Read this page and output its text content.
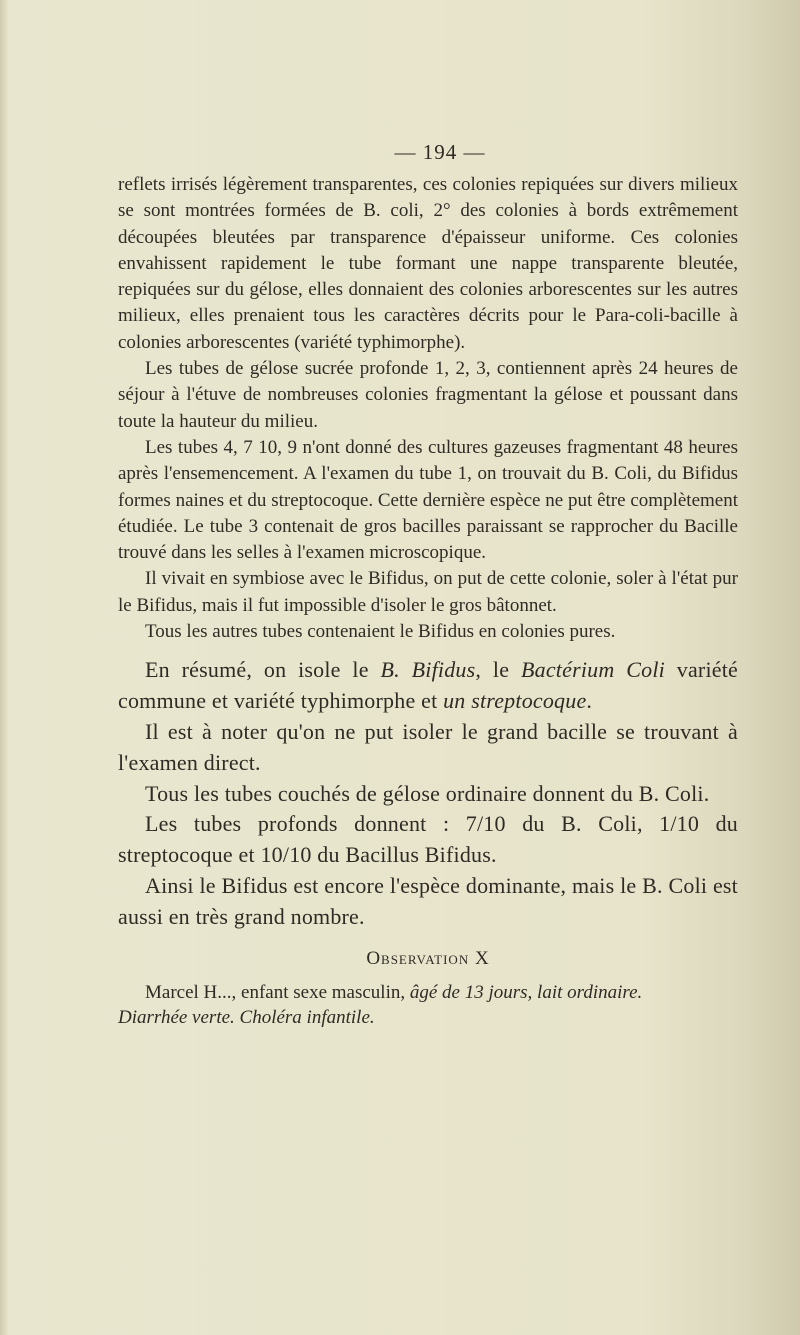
— 194 —

reflets irrisés légèrement transparentes, ces colonies repiquées sur divers milieux se sont montrées formées de B. coli, 2° des colonies à bords extrêmement découpées bleutées par transparence d'épaisseur uniforme. Ces colonies envahissent rapidement le tube formant une nappe transparente bleutée, repiquées sur du gélose, elles donnaient des colonies arborescentes sur les autres milieux, elles prenaient tous les caractères décrits pour le Para-coli-bacille à colonies arborescentes (variété typhimorphe).

Les tubes de gélose sucrée profonde 1, 2, 3, contiennent après 24 heures de séjour à l'étuve de nombreuses colonies fragmentant la gélose et poussant dans toute la hauteur du milieu.

Les tubes 4, 7 10, 9 n'ont donné des cultures gazeuses fragmentant 48 heures après l'ensemencement. A l'examen du tube 1, on trouvait du B. Coli, du Bifidus formes naines et du streptocoque. Cette dernière espèce ne put être complètement étudiée. Le tube 3 contenait de gros bacilles paraissant se rapprocher du Bacille trouvé dans les selles à l'examen microscopique.

Il vivait en symbiose avec le Bifidus, on put de cette colonie, soler à l'état pur le Bifidus, mais il fut impossible d'isoler le gros bâtonnet.

Tous les autres tubes contenaient le Bifidus en colonies pures.

En résumé, on isole le B. Bifidus, le Bactérium Coli variété commune et variété typhimorphe et un streptocoque.

Il est à noter qu'on ne put isoler le grand bacille se trouvant à l'examen direct.

Tous les tubes couchés de gélose ordinaire donnent du B. Coli.

Les tubes profonds donnent : 7/10 du B. Coli, 1/10 du streptocoque et 10/10 du Bacillus Bifidus.

Ainsi le Bifidus est encore l'espèce dominante, mais le B. Coli est aussi en très grand nombre.

Observation X

Marcel H..., enfant sexe masculin, âgé de 13 jours, lait ordinaire.

Diarrhée verte. Choléra infantile.
